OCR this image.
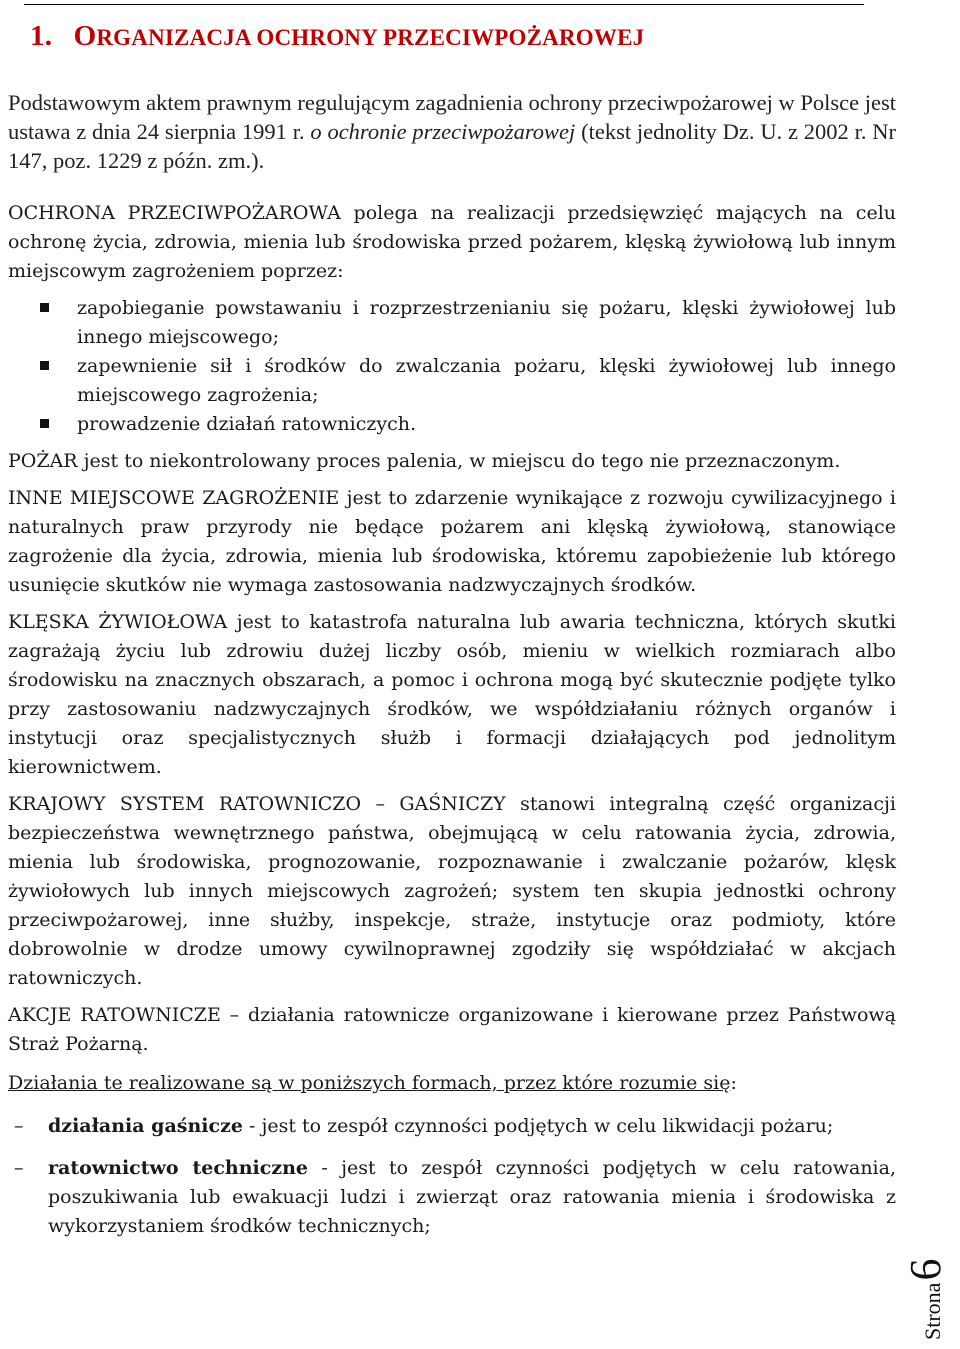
1. ORGANIZACJA OCHRONY PRZECIWPOŻAROWEJ

Podstawowym aktem prawnym regulującym zagadnienia ochrony przeciwpożarowej w Polsce jest ustawa z dnia 24 sierpnia 1991 r. o ochronie przeciwpożarowej (tekst jednolity Dz. U. z 2002 r. Nr 147, poz. 1229 z późn. zm.).

OCHRONA PRZECIWPOŻAROWA polega na realizacji przedsięwzięć mających na celu ochronę życia, zdrowia, mienia lub środowiska przed pożarem, klęską żywiołową lub innym miejscowym zagrożeniem poprzez:

zapobieganie powstawaniu i rozprzestrzenianiu się pożaru, klęski żywiołowej lub innego miejscowego;
zapewnienie sił i środków do zwalczania pożaru, klęski żywiołowej lub innego miejscowego zagrożenia;
prowadzenie działań ratowniczych.

POŻAR jest to niekontrolowany proces palenia, w miejscu do tego nie przeznaczonym.

INNE MIEJSCOWE ZAGROŻENIE jest to zdarzenie wynikające z rozwoju cywilizacyjnego i naturalnych praw przyrody nie będące pożarem ani klęską żywiołową, stanowiące zagrożenie dla życia, zdrowia, mienia lub środowiska, któremu zapobieżenie lub którego usunięcie skutków nie wymaga zastosowania nadzwyczajnych środków.

KLĘSKA ŻYWIOŁOWA jest to katastrofa naturalna lub awaria techniczna, których skutki zagrażają życiu lub zdrowiu dużej liczby osób, mieniu w wielkich rozmiarach albo środowisku na znacznych obszarach, a pomoc i ochrona mogą być skutecznie podjęte tylko przy zastosowaniu nadzwyczajnych środków, we współdziałaniu różnych organów i instytucji oraz specjalistycznych służb i formacji działających pod jednolitym kierownictwem.

KRAJOWY SYSTEM RATOWNICZO – GAŚNICZY stanowi integralną część organizacji bezpieczeństwa wewnętrznego państwa, obejmującą w celu ratowania życia, zdrowia, mienia lub środowiska, prognozowanie, rozpoznawanie i zwalczanie pożarów, klęsk żywiołowych lub innych miejscowych zagrożeń; system ten skupia jednostki ochrony przeciwpożarowej, inne służby, inspekcje, straże, instytucje oraz podmioty, które dobrowolnie w drodze umowy cywilnoprawnej zgodziły się współdziałać w akcjach ratowniczych.

AKCJE RATOWNICZE – działania ratownicze organizowane i kierowane przez Państwową Straż Pożarną.

Działania te realizowane są w poniższych formach, przez które rozumie się:

– działania gaśnicze - jest to zespół czynności podjętych w celu likwidacji pożaru;
– ratownictwo techniczne - jest to zespół czynności podjętych w celu ratowania, poszukiwania lub ewakuacji ludzi i zwierząt oraz ratowania mienia i środowiska z wykorzystaniem środków technicznych;
Strona6
